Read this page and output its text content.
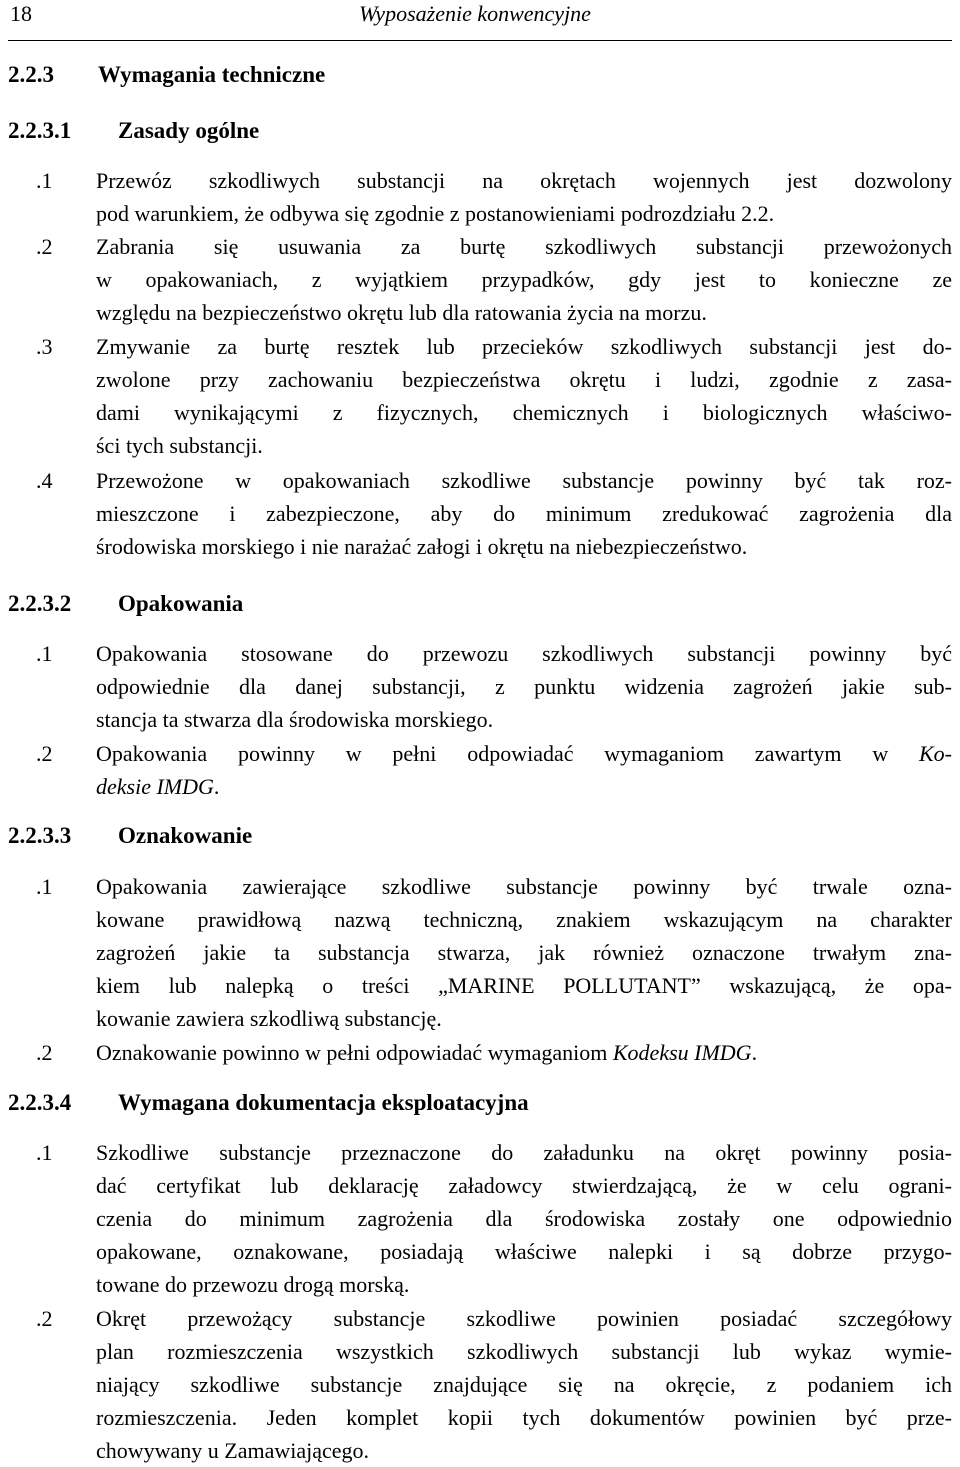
18	Wyposażenie konwencyjne
2.2.3 Wymagania techniczne
2.2.3.1 Zasady ogólne
.1	Przewóz szkodliwych substancji na okrętach wojennych jest dozwolony
pod warunkiem, że odbywa się zgodnie z postanowieniami podrozdziału 2.2.
.2	Zabrania się usuwania za burtę szkodliwych substancji przewożonych
w opakowaniach, z wyjątkiem przypadków, gdy jest to konieczne ze
względu na bezpieczeństwo okrętu lub dla ratowania życia na morzu.
.3	Zmywanie za burtę resztek lub przecieków szkodliwych substancji jest do-
zwolone przy zachowaniu bezpieczeństwa okrętu i ludzi, zgodnie z zasa-
dami wynikającymi z fizycznych, chemicznych i biologicznych właściwo-
ści tych substancji.
.4	Przewożone w opakowaniach szkodliwe substancje powinny być tak roz-
mieszczone i zabezpieczone, aby do minimum zredukować zagrożenia dla
środowiska morskiego i nie narażać załogi i okrętu na niebezpieczeństwo.
2.2.3.2 Opakowania
.1	Opakowania stosowane do przewozu szkodliwych substancji powinny być
odpowiednie dla danej substancji, z punktu widzenia zagrożeń jakie sub-
stancja ta stwarza dla środowiska morskiego.
.2	Opakowania powinny w pełni odpowiadać wymaganiom zawartym w Ko-
deksie IMDG.
2.2.3.3 Oznakowanie
.1	Opakowania zawierające szkodliwe substancje powinny być trwale ozna-
kowane prawidłową nazwą techniczną, znakiem wskazującym na charakter
zagrożeń jakie ta substancja stwarza, jak również oznaczone trwałym zna-
kiem lub nalepką o treści „MARINE POLLUTANT” wskazującą, że opa-
kowanie zawiera szkodliwą substancję.
.2	Oznakowanie powinno w pełni odpowiadać wymaganiom Kodeksu IMDG.
2.2.3.4 Wymagana dokumentacja eksploatacyjna
.1	Szkodliwe substancje przeznaczone do załadunku na okręt powinny posia-
dać certyfikat lub deklarację załadowcy stwierdzającą, że w celu ograni-
czenia do minimum zagrożenia dla środowiska zostały one odpowiednio
opakowane, oznakowane, posiadają właściwe nalepki i są dobrze przygo-
towane do przewozu drogą morską.
.2	Okręt przewożący substancje szkodliwe powinien posiadać szczegółowy
plan rozmieszczenia wszystkich szkodliwych substancji lub wykaz wymie-
niający szkodliwe substancje znajdujące się na okręcie, z podaniem ich
rozmieszczenia. Jeden komplet kopii tych dokumentów powinien być prze-
chowywany u Zamawiającego.
